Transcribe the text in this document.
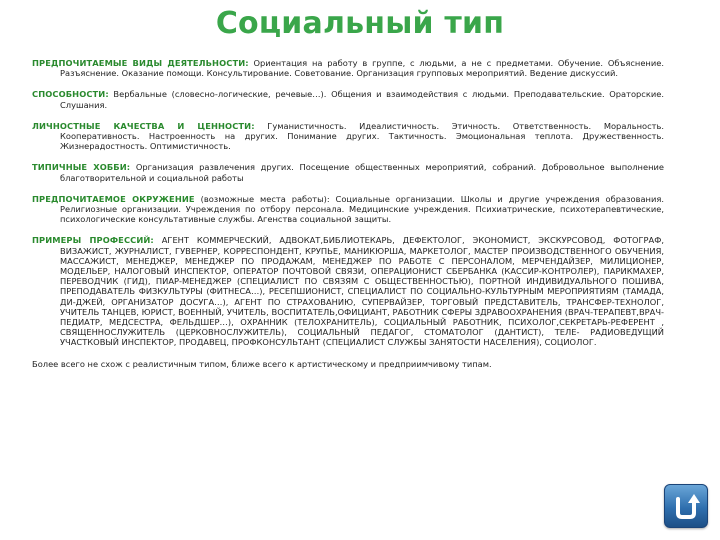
Социальный тип

ПРЕДПОЧИТАЕМЫЕ ВИДЫ ДЕЯТЕЛЬНОСТИ: Ориентация на работу в группе, с людьми, а не с предметами. Обучение. Объяснение. Разъяснение. Оказание помощи. Консультирование. Советование. Организация групповых мероприятий. Ведение дискуссий.

СПОСОБНОСТИ: Вербальные (словесно-логические, речевые…). Общения и взаимодействия с людьми. Преподавательские. Ораторские. Слушания.

ЛИЧНОСТНЫЕ КАЧЕСТВА И ЦЕННОСТИ: Гуманистичность. Идеалистичность. Этичность. Ответственность. Моральность. Кооперативность. Настроенность на других. Понимание других. Тактичность. Эмоциональная теплота. Дружественность. Жизнерадостность. Оптимистичность.

ТИПИЧНЫЕ ХОББИ: Организация развлечения других. Посещение общественных мероприятий, собраний. Добровольное выполнение благотворительной и социальной работы

ПРЕДПОЧИТАЕМОЕ ОКРУЖЕНИЕ (возможные места работы): Социальные организации. Школы и другие учреждения образования. Религиозные организации. Учреждения по отбору персонала. Медицинские учреждения. Психиатрические, психотерапевтические, психологические консультативные службы. Агенства социальной защиты.

ПРИМЕРЫ ПРОФЕССИЙ: АГЕНТ КОММЕРЧЕСКИЙ, АДВОКАТ,БИБЛИОТЕКАРЬ, ДЕФЕКТОЛОГ, ЭКОНОМИСТ, ЭКСКУРСОВОД, ФОТОГРАФ, ВИЗАЖИСТ, ЖУРНАЛИСТ, ГУВЕРНЕР, КОРРЕСПОНДЕНТ, КРУПЬЕ, МАНИКЮРША, МАРКЕТОЛОГ, МАСТЕР ПРОИЗВОДСТВЕННОГО ОБУЧЕНИЯ, МАССАЖИСТ, МЕНЕДЖЕР, МЕНЕДЖЕР ПО ПРОДАЖАМ, МЕНЕДЖЕР ПО РАБОТЕ С ПЕРСОНАЛОМ, МЕРЧЕНДАЙЗЕР, МИЛИЦИОНЕР, МОДЕЛЬЕР, НАЛОГОВЫЙ ИНСПЕКТОР, ОПЕРАТОР ПОЧТОВОЙ СВЯЗИ, ОПЕРАЦИОНИСТ СБЕРБАНКА (КАССИР-КОНТРОЛЕР), ПАРИКМАХЕР, ПЕРЕВОДЧИК (ГИД), ПИАР-МЕНЕДЖЕР (СПЕЦИАЛИСТ ПО СВЯЗЯМ С ОБЩЕСТВЕННОСТЬЮ), ПОРТНОЙ ИНДИВИДУАЛЬНОГО ПОШИВА, ПРЕПОДАВАТЕЛЬ ФИЗКУЛЬТУРЫ (ФИТНЕСА…), РЕСЕПШИОНИСТ, СПЕЦИАЛИСТ ПО СОЦИАЛЬНО-КУЛЬТУРНЫМ МЕРОПРИЯТИЯМ (ТАМАДА, ДИ-ДЖЕЙ, ОРГАНИЗАТОР ДОСУГА…), АГЕНТ ПО СТРАХОВАНИЮ, СУПЕРВАЙЗЕР, ТОРГОВЫЙ ПРЕДСТАВИТЕЛЬ, ТРАНСФЕР-ТЕХНОЛОГ, УЧИТЕЛЬ ТАНЦЕВ, ЮРИСТ, ВОЕННЫЙ, УЧИТЕЛЬ, ВОСПИТАТЕЛЬ,ОФИЦИАНТ, РАБОТНИК СФЕРЫ ЗДРАВООХРАНЕНИЯ (ВРАЧ-ТЕРАПЕВТ,ВРАЧ-ПЕДИАТР, МЕДСЕСТРА, ФЕЛЬДШЕР…), ОХРАННИК (ТЕЛОХРАНИТЕЛЬ), СОЦИАЛЬНЫЙ РАБОТНИК, ПСИХОЛОГ,СЕКРЕТАРЬ-РЕФЕРЕНТ , СВЯЩЕННОСЛУЖИТЕЛЬ (ЦЕРКОВНОСЛУЖИТЕЛЬ), СОЦИАЛЬНЫЙ ПЕДАГОГ, СТОМАТОЛОГ (ДАНТИСТ), ТЕЛЕ- РАДИОВЕДУЩИЙ УЧАСТКОВЫЙ ИНСПЕКТОР, ПРОДАВЕЦ, ПРОФКОНСУЛЬТАНТ (СПЕЦИАЛИСТ СЛУЖБЫ ЗАНЯТОСТИ НАСЕЛЕНИЯ), СОЦИОЛОГ.

Более всего не схож с реалистичным типом, ближе всего к артистическому и предприимчивому типам.
